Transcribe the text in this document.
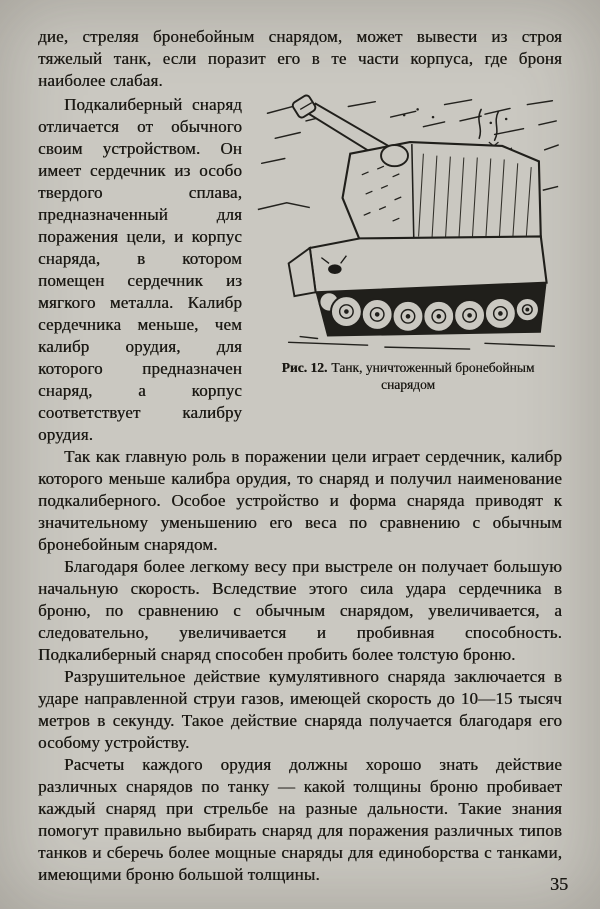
дие, стреляя бронебойным снарядом, может вывести из строя тяжелый танк, если поразит его в те части корпуса, где броня наиболее слабая.

Подкалиберный снаряд отличается от обычного своим устройством. Он имеет сердечник из особо твердого сплава, предназначенный для поражения цели, и корпус снаряда, в котором помещен сердечник из мягкого металла. Калибр сердечника меньше, чем калибр орудия, для которого предназначен снаряд, а корпус соответствует калибру орудия.

Рис. 12. Танк, уничтоженный бронебойным снарядом

Так как главную роль в поражении цели играет сердечник, калибр которого меньше калибра орудия, то снаряд и получил наименование подкалиберного. Особое устройство и форма снаряда приводят к значительному уменьшению его веса по сравнению с обычным бронебойным снарядом.

Благодаря более легкому весу при выстреле он получает большую начальную скорость. Вследствие этого сила удара сердечника в броню, по сравнению с обычным снарядом, увеличивается, а следовательно, увеличивается и пробивная способность. Подкалиберный снаряд способен пробить более толстую броню.

Разрушительное действие кумулятивного снаряда заключается в ударе направленной струи газов, имеющей скорость до 10—15 тысяч метров в секунду. Такое действие снаряда получается благодаря его особому устройству.

Расчеты каждого орудия должны хорошо знать действие различных снарядов по танку — какой толщины броню пробивает каждый снаряд при стрельбе на разные дальности. Такие знания помогут правильно выбирать снаряд для поражения различных типов танков и сберечь более мощные снаряды для единоборства с танками, имеющими броню большой толщины.	35
